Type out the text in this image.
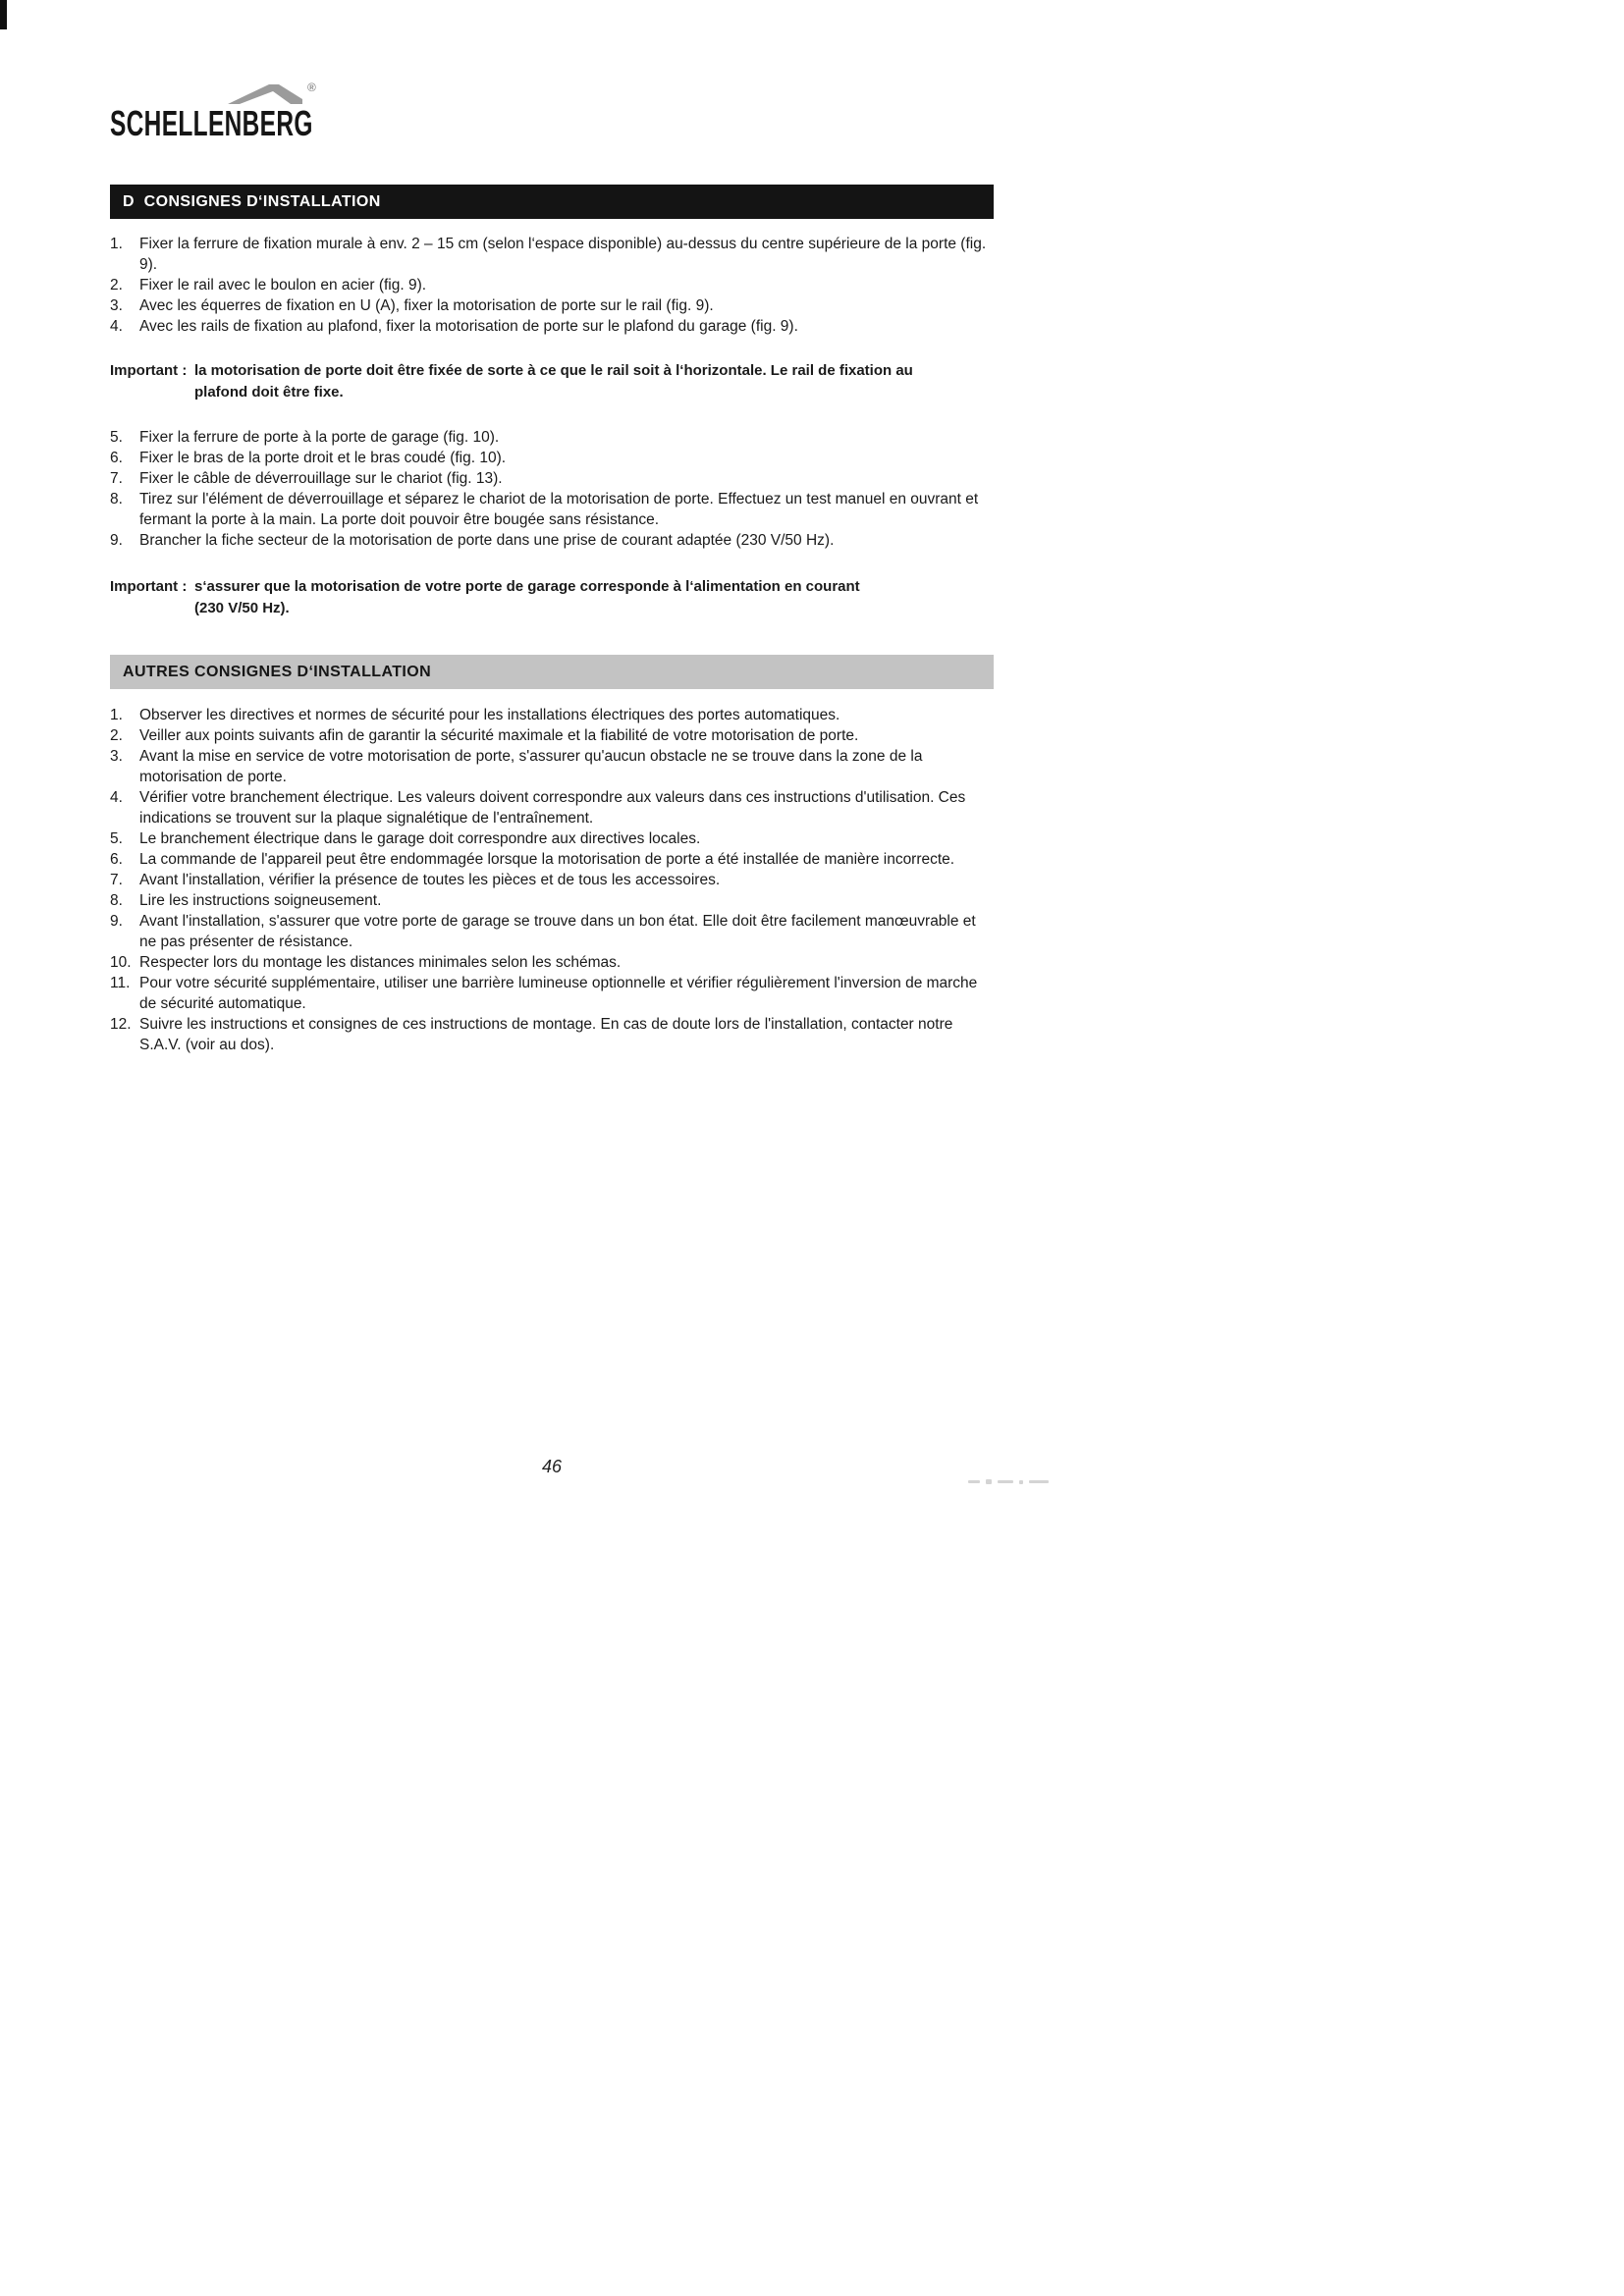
®
SCHELLENBERG
D  CONSIGNES D‘INSTALLATION
1.	Fixer la ferrure de fixation murale à env. 2 – 15 cm (selon l‘espace disponible) au-dessus du centre supérieure de la porte (fig. 9).
2.	Fixer le rail avec le boulon en acier (fig. 9).
3.	Avec les équerres de fixation en U (A), fixer la motorisation de porte sur le rail (fig. 9).
4.	Avec les rails de fixation au plafond, fixer la motorisation de porte sur le plafond du garage (fig. 9).
Important : la motorisation de porte doit être fixée de sorte à ce que le rail soit à l‘horizontale. Le rail de fixation au
plafond doit être fixe.
5.	Fixer la ferrure de porte à la porte de garage (fig. 10).
6.	Fixer le bras de la porte droit et le bras coudé (fig. 10).
7.	Fixer le câble de déverrouillage sur le chariot (fig. 13).
8.	Tirez sur l'élément de déverrouillage et séparez le chariot de la motorisation de porte. Effectuez un test manuel en ouvrant et fermant la porte à la main. La porte doit pouvoir être bougée sans résistance.
9.	Brancher la fiche secteur de la motorisation de porte dans une prise de courant adaptée (230 V/50 Hz).
Important : s‘assurer que la motorisation de votre porte de garage corresponde à l‘alimentation en courant
(230 V/50 Hz).
AUTRES CONSIGNES D‘INSTALLATION
1.	Observer les directives et normes de sécurité pour les installations électriques des portes automatiques.
2.	Veiller aux points suivants afin de garantir la sécurité maximale et la fiabilité de votre motorisation de porte.
3.	Avant la mise en service de votre motorisation de porte, s'assurer qu'aucun obstacle ne se trouve dans la zone de la motorisation de porte.
4.	Vérifier votre branchement électrique. Les valeurs doivent correspondre aux valeurs dans ces instructions d'utilisation. Ces indications se trouvent sur la plaque signalétique de l'entraînement.
5.	Le branchement électrique dans le garage doit correspondre aux directives locales.
6.	La commande de l'appareil peut être endommagée lorsque la motorisation de porte a été installée de manière incorrecte.
7.	Avant l'installation, vérifier la présence de toutes les pièces et de tous les accessoires.
8.	Lire les instructions soigneusement.
9.	Avant l'installation, s'assurer que votre porte de garage se trouve dans un bon état. Elle doit être facilement manœuvrable et ne pas présenter de résistance.
10. Respecter lors du montage les distances minimales selon les schémas.
11. Pour votre sécurité supplémentaire, utiliser une barrière lumineuse optionnelle et vérifier régulièrement l'inversion de marche de sécurité automatique.
12. Suivre les instructions et consignes de ces instructions de montage. En cas de doute lors de l'installation, contacter notre S.A.V. (voir au dos).
46
